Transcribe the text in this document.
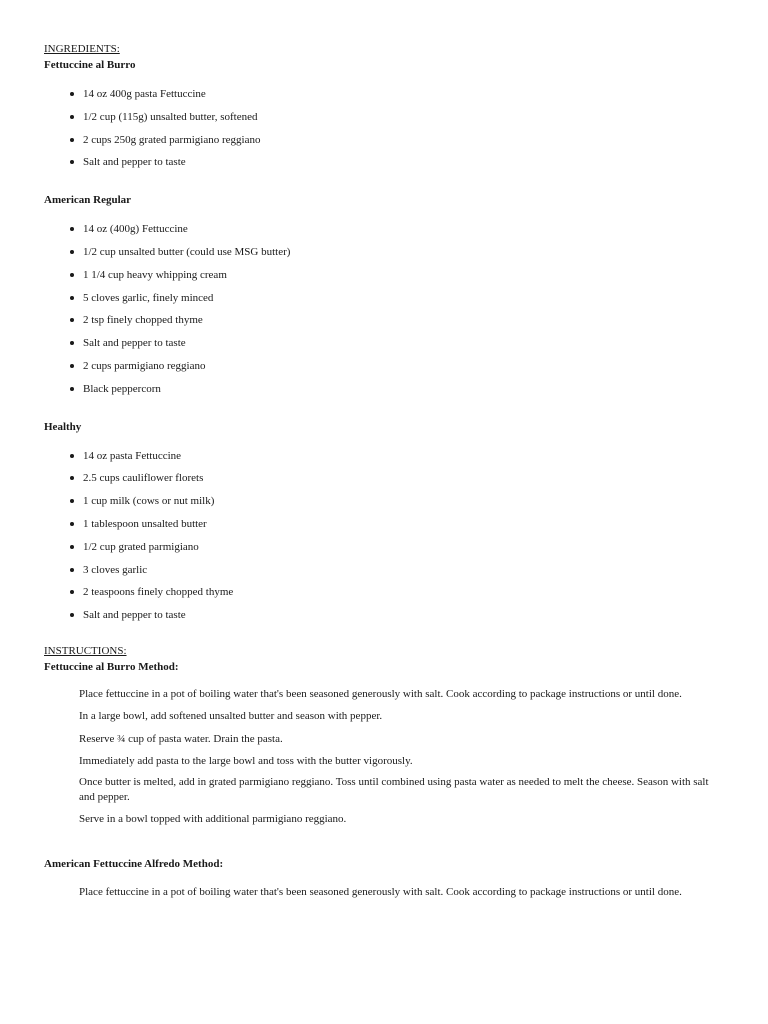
INGREDIENTS:

Fettuccine al Burro

14 oz 400g pasta Fettuccine
1/2 cup (115g) unsalted butter, softened
2 cups 250g grated parmigiano reggiano
Salt and pepper to taste

American Regular

14 oz (400g) Fettuccine
1/2 cup unsalted butter (could use MSG butter)
1 1/4 cup heavy whipping cream
5 cloves garlic, finely minced
2 tsp finely chopped thyme
Salt and pepper to taste
2 cups parmigiano reggiano
Black peppercorn

Healthy

14 oz pasta Fettuccine
2.5 cups cauliflower florets
1 cup milk (cows or nut milk)
1 tablespoon unsalted butter
1/2 cup grated parmigiano
3 cloves garlic
2 teaspoons finely chopped thyme
Salt and pepper to taste

INSTRUCTIONS:

Fettuccine al Burro Method:

Place fettuccine in a pot of boiling water that's been seasoned generously with salt. Cook according to package instructions or until done.

In a large bowl, add softened unsalted butter and season with pepper.

Reserve ¾ cup of pasta water. Drain the pasta.

Immediately add pasta to the large bowl and toss with the butter vigorously.

Once butter is melted, add in grated parmigiano reggiano. Toss until combined using pasta water as needed to melt the cheese. Season with salt and pepper.

Serve in a bowl topped with additional parmigiano reggiano.

American Fettuccine Alfredo Method:

Place fettuccine in a pot of boiling water that's been seasoned generously with salt. Cook according to package instructions or until done.
